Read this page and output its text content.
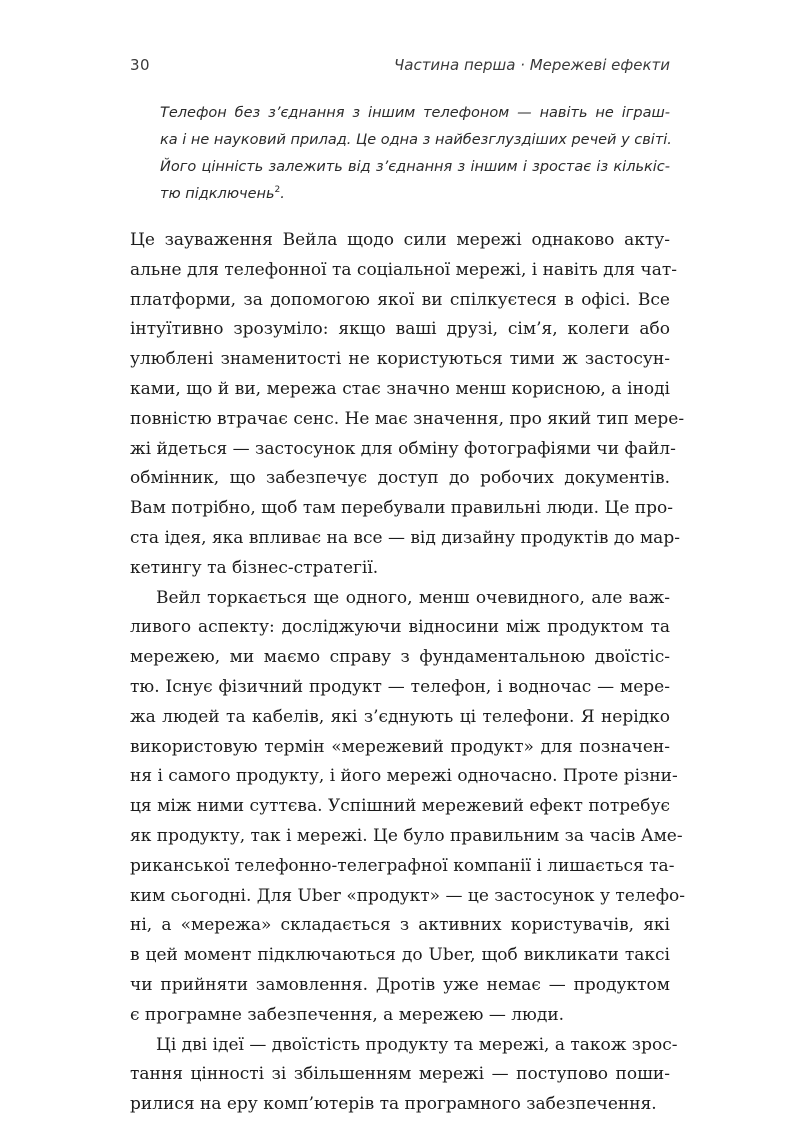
30	Частина перша · Мережеві ефекти
Телефон без з’єднання з іншим телефоном — навіть не іграш-
ка і не науковий прилад. Це одна з найбезглуздіших речей у світі.
Його цінність залежить від з’єднання з іншим і зростає із кількіс-
тю підключень$^2$.
Це зауваження Вейла щодо сили мережі однаково акту-
альне для телефонної та соціальної мережі, і навіть для чат-
платформи, за допомогою якої ви спілкуєтеся в офісі. Все
інтуїтивно зрозуміло: якщо ваші друзі, сім’я, колеги або
улюблені знаменитості не користуються тими ж застосун-
ками, що й ви, мережа стає значно менш корисною, а іноді
повністю втрачає сенс. Не має значення, про який тип мере-
жі йдеться — застосунок для обміну фотографіями чи файл-
обмінник, що забезпечує доступ до робочих документів.
Вам потрібно, щоб там перебували правильні люди. Це про-
ста ідея, яка впливає на все — від дизайну продуктів до мар-
кетингу та бізнес-стратегії.
Вейл торкається ще одного, менш очевидного, але важ-
ливого аспекту: досліджуючи відносини між продуктом та
мережею, ми маємо справу з фундаментальною двоїстіс-
тю. Існує фізичний продукт — телефон, і водночас — мере-
жа людей та кабелів, які з’єднують ці телефони. Я нерідко
використовую термін «мережевий продукт» для позначен-
ня і самого продукту, і його мережі одночасно. Проте різни-
ця між ними суттєва. Успішний мережевий ефект потребує
як продукту, так і мережі. Це було правильним за часів Аме-
риканської телефонно-телеграфної компанії і лишається та-
ким сьогодні. Для Uber «продукт» — це застосунок у телефо-
ні, а «мережа» складається з активних користувачів, які
в цей момент підключаються до Uber, щоб викликати таксі
чи прийняти замовлення. Дротів уже немає — продуктом
є програмне забезпечення, а мережею — люди.
Ці дві ідеї — двоїстість продукту та мережі, а також зрос-
тання цінності зі збільшенням мережі — поступово поши-
рилися на еру комп’ютерів та програмного забезпечення.
